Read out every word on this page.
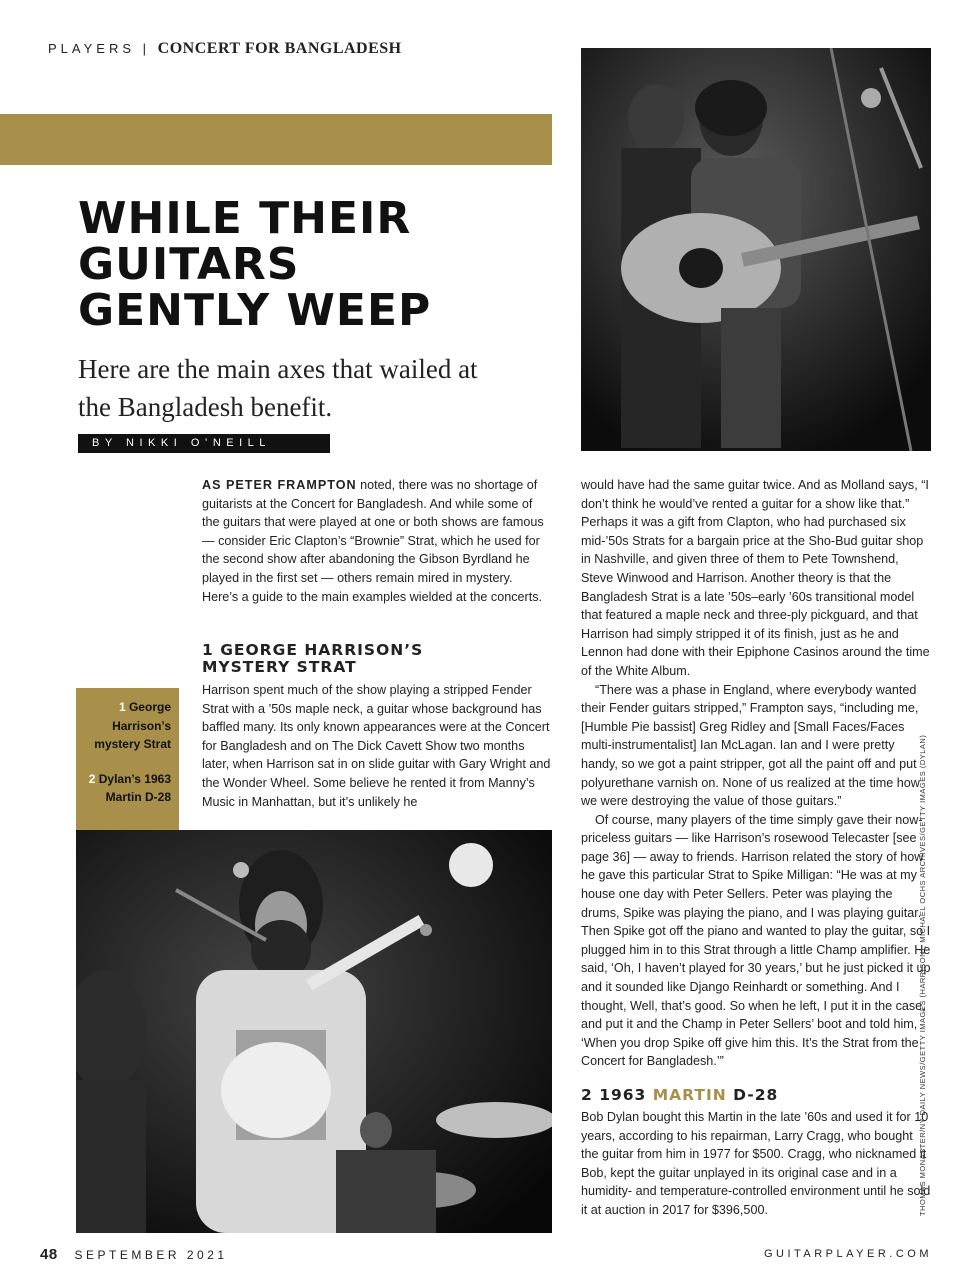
PLAYERS | CONCERT FOR BANGLADESH
WHILE THEIR
GUITARS
GENTLY WEEP

Here are the main axes that wailed at the Bangladesh benefit.

BY NIKKI O’NEILL

AS PETER FRAMPTON noted, there was no shortage of guitarists at the Concert for Bangladesh. And while some of the guitars that were played at one or both shows are famous — consider Eric Clapton’s “Brownie” Strat, which he used for the second show after abandoning the Gibson Byrdland he played in the first set — others remain mired in mystery. Here’s a guide to the main examples wielded at the concerts.

1 GEORGE HARRISON’S MYSTERY STRAT

Harrison spent much of the show playing a stripped Fender Strat with a ’50s maple neck, a guitar whose background has baffled many. Its only known appearances were at the Concert for Bangladesh and on The Dick Cavett Show two months later, when Harrison sat in on slide guitar with Gary Wright and the Wonder Wheel. Some believe he rented it from Manny’s Music in Manhattan, but it’s unlikely he

1 George Harrison’s mystery Strat
2 Dylan’s 1963 Martin D-28

would have had the same guitar twice. And as Molland says, “I don’t think he would’ve rented a guitar for a show like that.” Perhaps it was a gift from Clapton, who had purchased six mid-’50s Strats for a bargain price at the Sho-Bud guitar shop in Nashville, and given three of them to Pete Townshend, Steve Winwood and Harrison. Another theory is that the Bangladesh Strat is a late ’50s–early ’60s transitional model that featured a maple neck and three-ply pickguard, and that Harrison had simply stripped it of its finish, just as he and Lennon had done with their Epiphone Casinos around the time of the White Album.

“There was a phase in England, where everybody wanted their Fender guitars stripped,” Frampton says, “including me, [Humble Pie bassist] Greg Ridley and [Small Faces/Faces multi-instrumentalist] Ian McLagan. Ian and I were pretty handy, so we got a paint stripper, got all the paint off and put polyurethane varnish on. None of us realized at the time how we were destroying the value of those guitars.”

Of course, many players of the time simply gave their now-priceless guitars — like Harrison’s rosewood Telecaster [see page 36] — away to friends. Harrison related the story of how he gave this particular Strat to Spike Milligan: “He was at my house one day with Peter Sellers. Peter was playing the drums, Spike was playing the piano, and I was playing guitar. Then Spike got off the piano and wanted to play the guitar, so I plugged him in to this Strat through a little Champ amplifier. He said, ‘Oh, I haven’t played for 30 years,’ but he just picked it up and it sounded like Django Reinhardt or something. And I thought, Well, that’s good. So when he left, I put it in the case, and put it and the Champ in Peter Sellers’ boot and told him, ‘When you drop Spike off give him this. It’s the Strat from the Concert for Bangladesh.’”

2 1963 MARTIN D-28

Bob Dylan bought this Martin in the late ’60s and used it for 10 years, according to his repairman, Larry Cragg, who bought the guitar from him in 1977 for $500. Cragg, who nicknamed it Bob, kept the guitar unplayed in its original case and in a humidity- and temperature-controlled environment until he sold it at auction in 2017 for $396,500.	THOMAS MONASTER/NY DAILY NEWS/GETTY IMAGES (HARRISON); MICHAEL OCHS ARCHIVES/GETTY IMAGES (DYLAN)
48 SEPTEMBER 2021	GUITARPLAYER.COM
